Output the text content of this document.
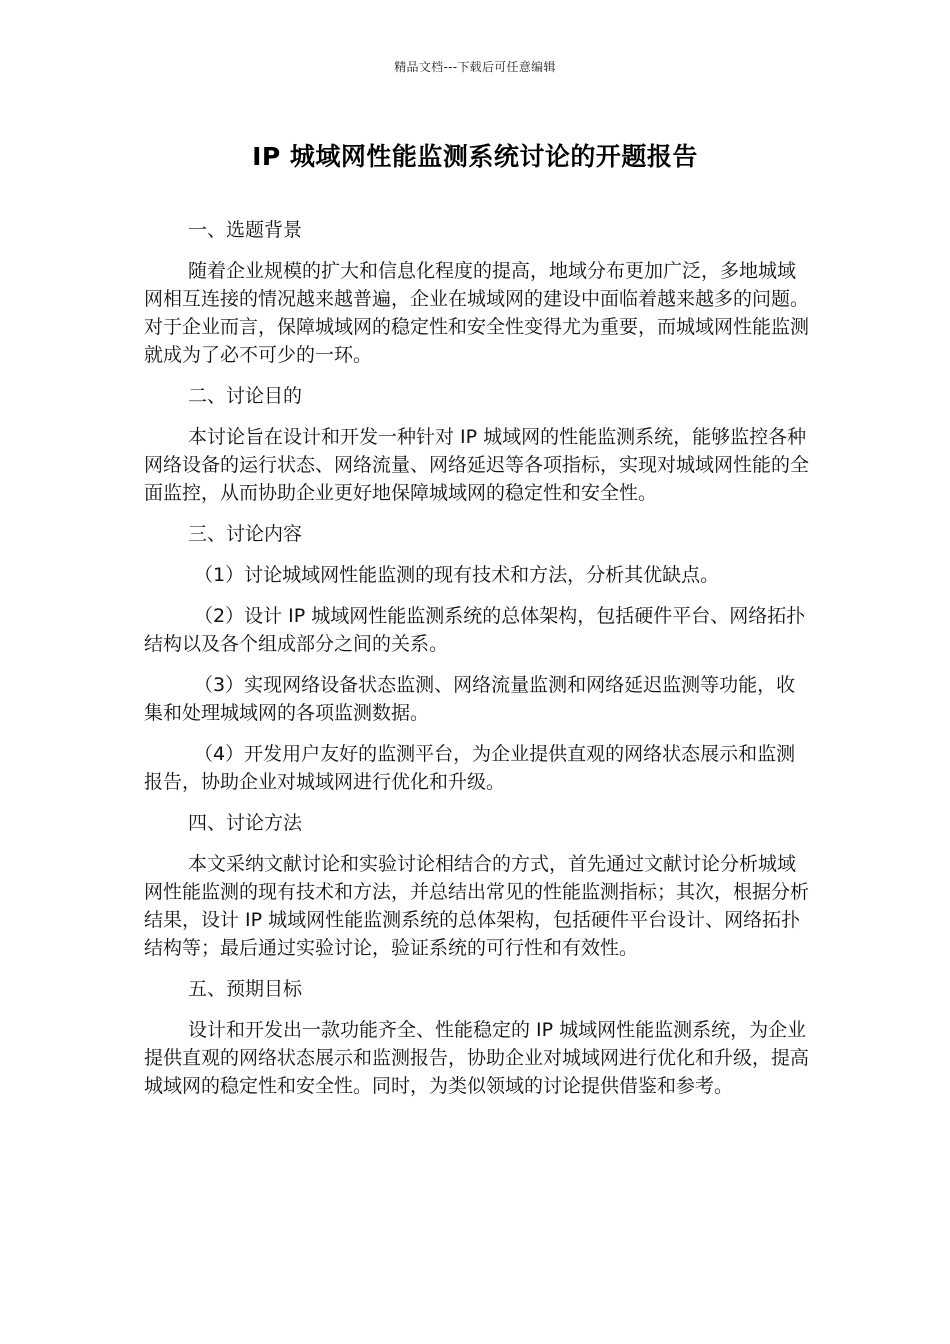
精品文档---下载后可任意编辑
IP 城域网性能监测系统讨论的开题报告

一、选题背景

随着企业规模的扩大和信息化程度的提高，地域分布更加广泛，多地城域网相互连接的情况越来越普遍，企业在城域网的建设中面临着越来越多的问题。对于企业而言，保障城域网的稳定性和安全性变得尤为重要，而城域网性能监测就成为了必不可少的一环。

二、讨论目的

本讨论旨在设计和开发一种针对 IP 城域网的性能监测系统，能够监控各种网络设备的运行状态、网络流量、网络延迟等各项指标，实现对城域网性能的全面监控，从而协助企业更好地保障城域网的稳定性和安全性。

三、讨论内容

（1）讨论城域网性能监测的现有技术和方法，分析其优缺点。

（2）设计 IP 城域网性能监测系统的总体架构，包括硬件平台、网络拓扑结构以及各个组成部分之间的关系。

（3）实现网络设备状态监测、网络流量监测和网络延迟监测等功能，收集和处理城域网的各项监测数据。

（4）开发用户友好的监测平台，为企业提供直观的网络状态展示和监测报告，协助企业对城域网进行优化和升级。

四、讨论方法

本文采纳文献讨论和实验讨论相结合的方式，首先通过文献讨论分析城域网性能监测的现有技术和方法，并总结出常见的性能监测指标；其次，根据分析结果，设计 IP 城域网性能监测系统的总体架构，包括硬件平台设计、网络拓扑结构等；最后通过实验讨论，验证系统的可行性和有效性。

五、预期目标

设计和开发出一款功能齐全、性能稳定的 IP 城域网性能监测系统，为企业提供直观的网络状态展示和监测报告，协助企业对城域网进行优化和升级，提高城域网的稳定性和安全性。同时，为类似领域的讨论提供借鉴和参考。
